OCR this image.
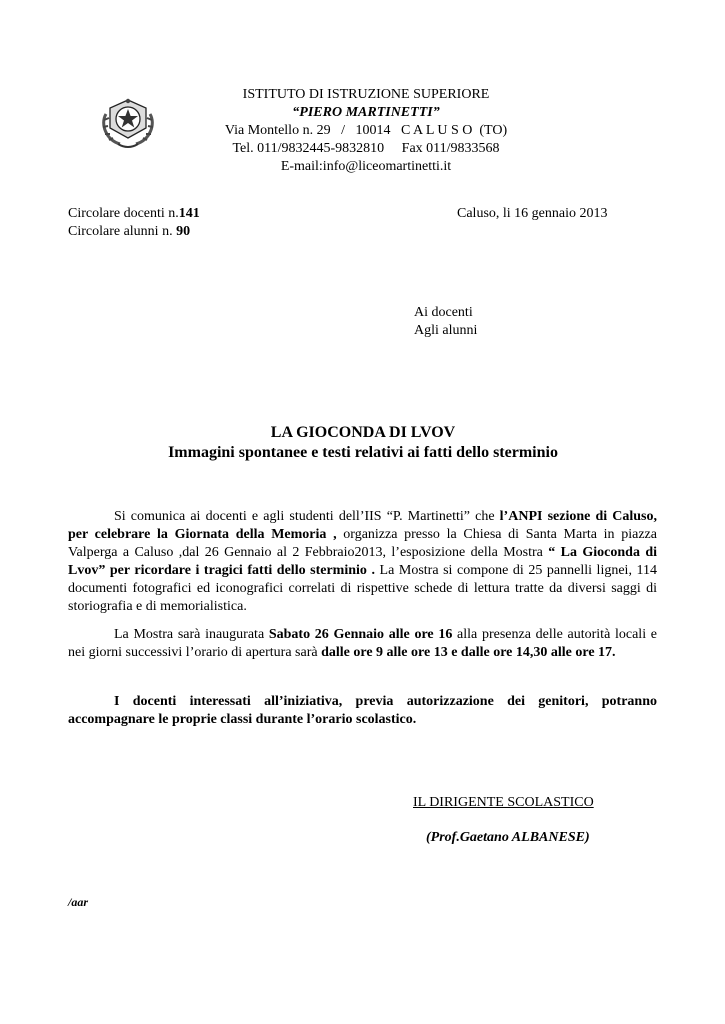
ISTITUTO DI ISTRUZIONE SUPERIORE
“PIERO MARTINETTI”
Via Montello n. 29   /   10014   C A L U S O  (TO)
Tel. 011/9832445-9832810     Fax 011/9833568
E-mail:info@liceomartinetti.it
Circolare docenti n.141
Circolare alunni n. 90
Caluso, li 16 gennaio 2013
Ai docenti
Agli alunni
LA GIOCONDA DI LVOV
Immagini spontanee e testi relativi ai fatti dello sterminio
Si comunica ai docenti e agli studenti dell’IIS “P. Martinetti” che l’ANPI sezione di Caluso, per celebrare la Giornata della Memoria , organizza presso la Chiesa di Santa Marta in piazza Valperga a Caluso ,dal 26 Gennaio al 2 Febbraio2013, l’esposizione della Mostra “ La Gioconda di Lvov” per ricordare i tragici fatti dello sterminio . La Mostra si compone di 25 pannelli lignei, 114 documenti fotografici ed iconografici correlati di rispettive schede di lettura tratte da diversi saggi di storiografia e di memorialistica.
La Mostra sarà inaugurata Sabato 26 Gennaio alle ore 16 alla presenza delle autorità locali e nei giorni successivi l’orario di apertura sarà dalle ore 9 alle ore 13 e dalle ore 14,30 alle ore 17.
I docenti interessati all’iniziativa, previa autorizzazione dei genitori, potranno accompagnare le proprie classi durante l’orario scolastico.
IL DIRIGENTE SCOLASTICO
(Prof.Gaetano ALBANESE)
/aar
